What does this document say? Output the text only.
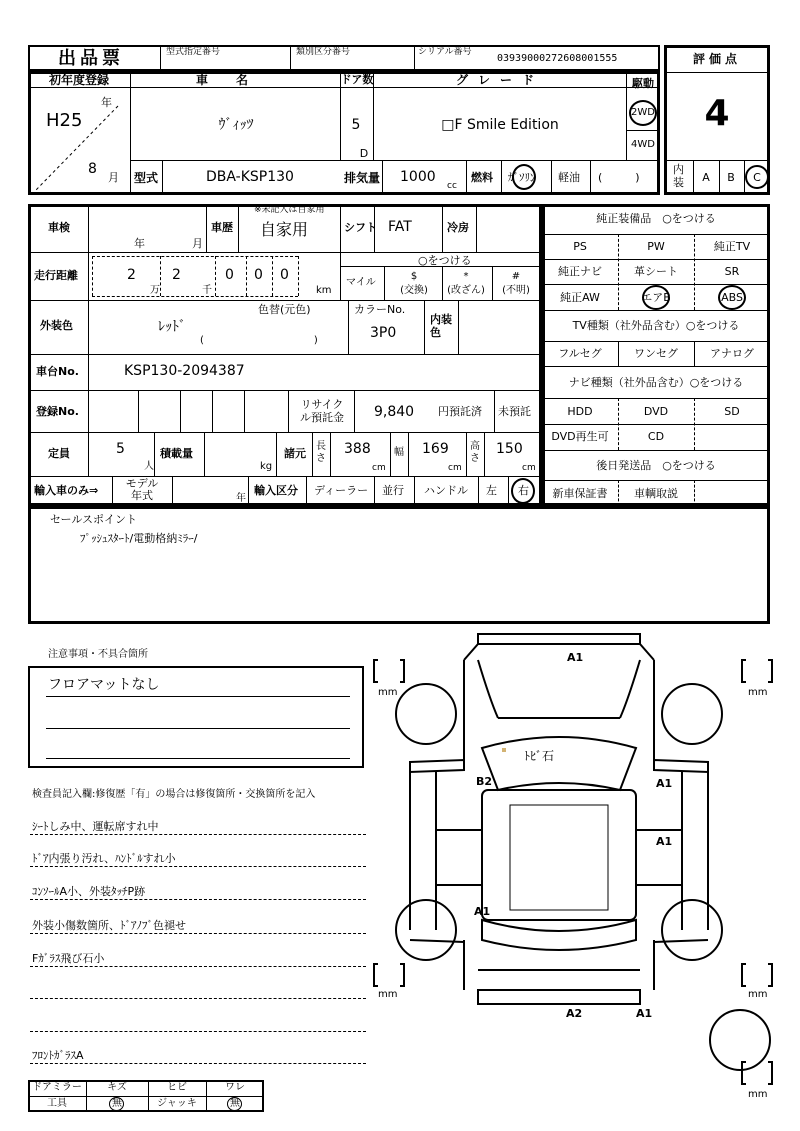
出品票	型式指定番号	類別区分番号	シリアル番号
03939000272608001555	評価点
4
内装 A B C
初年度登録
H25
年
8
月
車名
ｳﾞｨｯﾂ
ドア数
5
D
グレード
□F Smile Edition
駆動
2WD
4WD
型式	DBA-KSP130	排気量 1000
cc
燃料 ｶﾞｿﾘﾝ 軽油 (　　　)
車検
年	月
車歴
※未記入は自家用
自家用	シフト FAT	冷房
走行距離	2
万
2
千
0 0 0
km
○をつける
マイル
$
(交換)
*
(改ざん)
#
(不明)
外装色
色替(元色)
ﾚｯﾄﾞ
(　　　　　　　　　　　)
カラーNo.
3P0
内装色
車台No.	KSP130-2094387
登録No.
リサイクル預託金 9,840 円預託済 未預託
定員	5
人
積載量
kg
諸元
長さ
388
cm
幅 169
cm
高さ
150
cm
輸入車のみ⇒
モデル年式	年
輸入区分 ディーラー 並行 ハンドル 左 右
純正装備品　○をつける
PS	PW	純正TV
純正ナビ	革シート	SR
純正AW	エアB	ABS
TV種類（社外品含む）○をつける
フルセグ	ワンセグ	アナログ
ナビ種類（社外品含む）○をつける
HDD	DVD	SD
DVD再生可	CD
後日発送品　○をつける
新車保証書 車輌取説
セールスポイント
ﾌﾟｯｼｭｽﾀｰﾄ/電動格納ﾐﾗｰ/
注意事項・不具合箇所
フロアマットなし
検査員記入欄:修復歴「有」の場合は修復箇所・交換箇所を記入
ｼｰﾄしみ中、運転席すれ中
ﾄﾞｱ内張り汚れ、ﾊﾝﾄﾞﾙすれ小
ｺﾝｿｰﾙA小、外装ﾀｯﾁP跡
外装小傷数箇所、ﾄﾞｱﾉﾌﾞ色褪せ
Fｶﾞﾗｽ飛び石小
ﾌﾛﾝﾄｶﾞﾗｽA
ドアミラー	キズ	ヒビ	ワレ
工具	無	ジャッキ	無
A1
ﾄﾋﾞ石
B2	A1
A1
A1
A2	A1
mm	mm
mm	mm
mm
